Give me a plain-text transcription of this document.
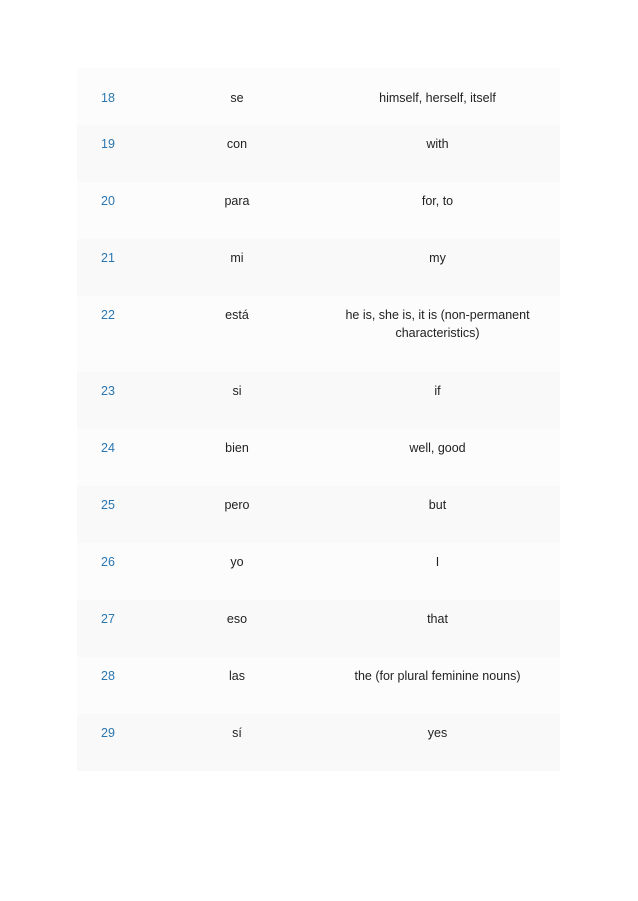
18	se	himself, herself, itself
19	con	with
20	para	for, to
21	mi	my
22	está	he is, she is, it is (non-permanent characteristics)
23	si	if
24	bien	well, good
25	pero	but
26	yo	I
27	eso	that
28	las	the (for plural feminine nouns)
29	sí	yes
